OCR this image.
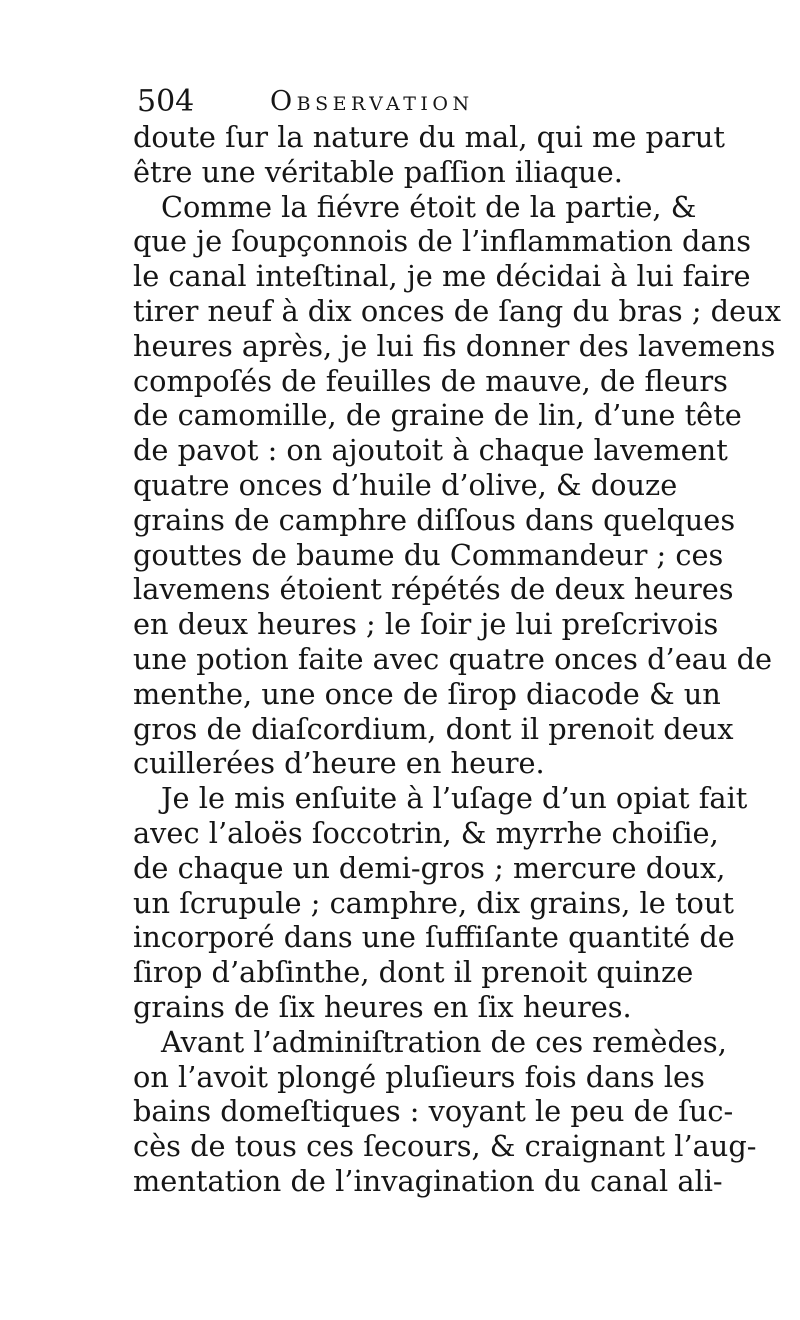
504	Observation
doute ſur la nature du mal, qui me parut
être une véritable paſſion iliaque.
Comme la fiévre étoit de la partie, &
que je ſoupçonnois de l’inflammation dans
le canal inteſtinal, je me décidai à lui faire
tirer neuf à dix onces de ſang du bras ; deux
heures après, je lui fis donner des lavemens
compoſés de feuilles de mauve, de fleurs
de camomille, de graine de lin, d’une tête
de pavot : on ajoutoit à chaque lavement
quatre onces d’huile d’olive, & douze
grains de camphre diſſous dans quelques
gouttes de baume du Commandeur ; ces
lavemens étoient répétés de deux heures
en deux heures ; le ſoir je lui preſcrivois
une potion faite avec quatre onces d’eau de
menthe, une once de ſirop diacode & un
gros de diaſcordium, dont il prenoit deux
cuillerées d’heure en heure.
Je le mis enſuite à l’uſage d’un opiat fait
avec l’aloës ſoccotrin, & myrrhe choiſie,
de chaque un demi-gros ; mercure doux,
un ſcrupule ; camphre, dix grains, le tout
incorporé dans une ſuffiſante quantité de
ſirop d’abſinthe, dont il prenoit quinze
grains de ſix heures en ſix heures.
Avant l’adminiſtration de ces remèdes,
on l’avoit plongé pluſieurs fois dans les
bains domeſtiques : voyant le peu de ſuc-
cès de tous ces ſecours, & craignant l’aug-
mentation de l’invagination du canal ali-
